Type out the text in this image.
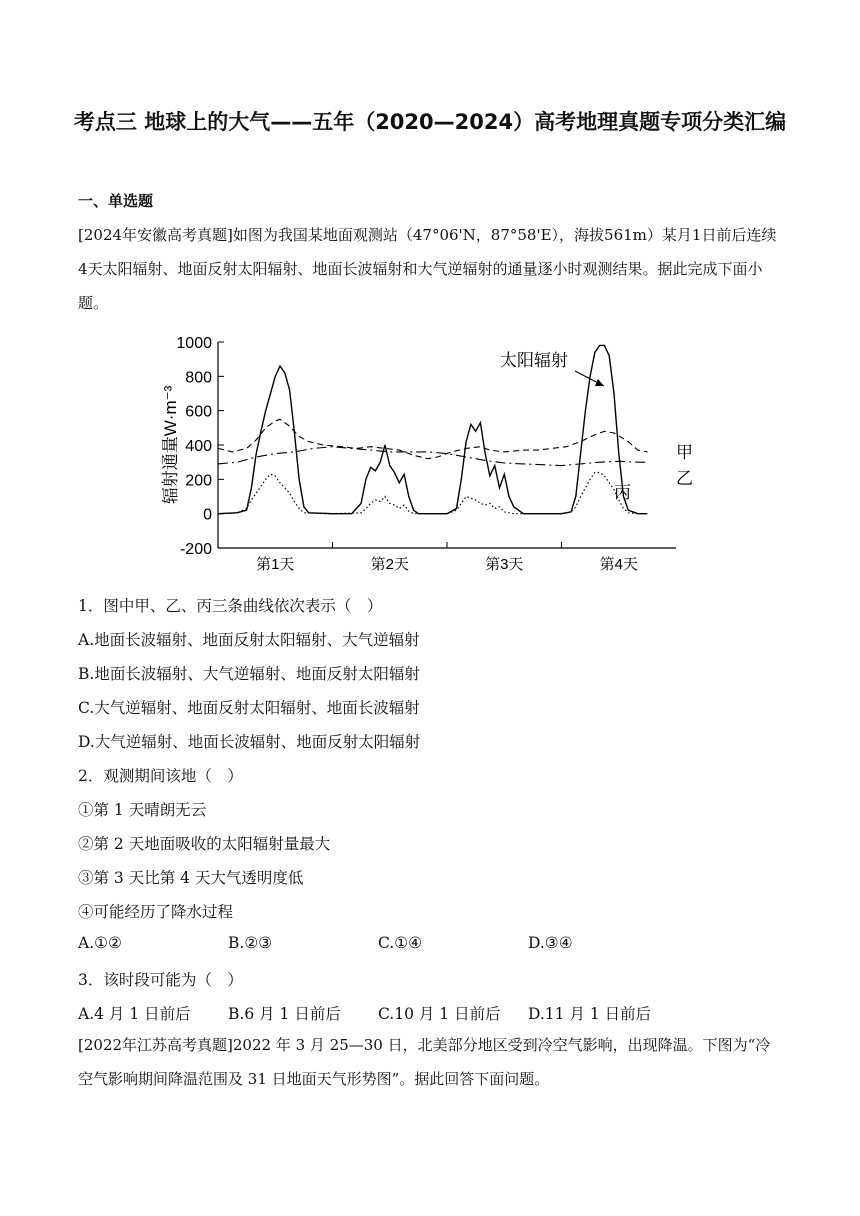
考点三 地球上的大气——五年（2020—2024）高考地理真题专项分类汇编
一、单选题
[2024年安徽高考真题]如图为我国某地面观测站（47°06'N，87°58'E），海拔561m）某月1日前后连续4天太阳辐射、地面反射太阳辐射、地面长波辐射和大气逆辐射的通量逐小时观测结果。据此完成下面小题。
1000
800
600
400
200
0
-200
辐射通量W·m⁻³
第1天	第2天	第3天	第4天
太阳辐射
甲
乙
丙
1．图中甲、乙、丙三条曲线依次表示（　）
A.地面长波辐射、地面反射太阳辐射、大气逆辐射
B.地面长波辐射、大气逆辐射、地面反射太阳辐射
C.大气逆辐射、地面反射太阳辐射、地面长波辐射
D.大气逆辐射、地面长波辐射、地面反射太阳辐射
2．观测期间该地（　）
①第 1 天晴朗无云
②第 2 天地面吸收的太阳辐射量最大
③第 3 天比第 4 天大气透明度低
④可能经历了降水过程
A.①②	B.②③	C.①④	D.③④
3．该时段可能为（　）
A.4 月 1 日前后 B.6 月 1 日前后 C.10 月 1 日前后 D.11 月 1 日前后
[2022年江苏高考真题]2022 年 3 月 25—30 日，北美部分地区受到冷空气影响，出现降温。下图为“冷空气影响期间降温范围及 31 日地面天气形势图”。据此回答下面问题。
